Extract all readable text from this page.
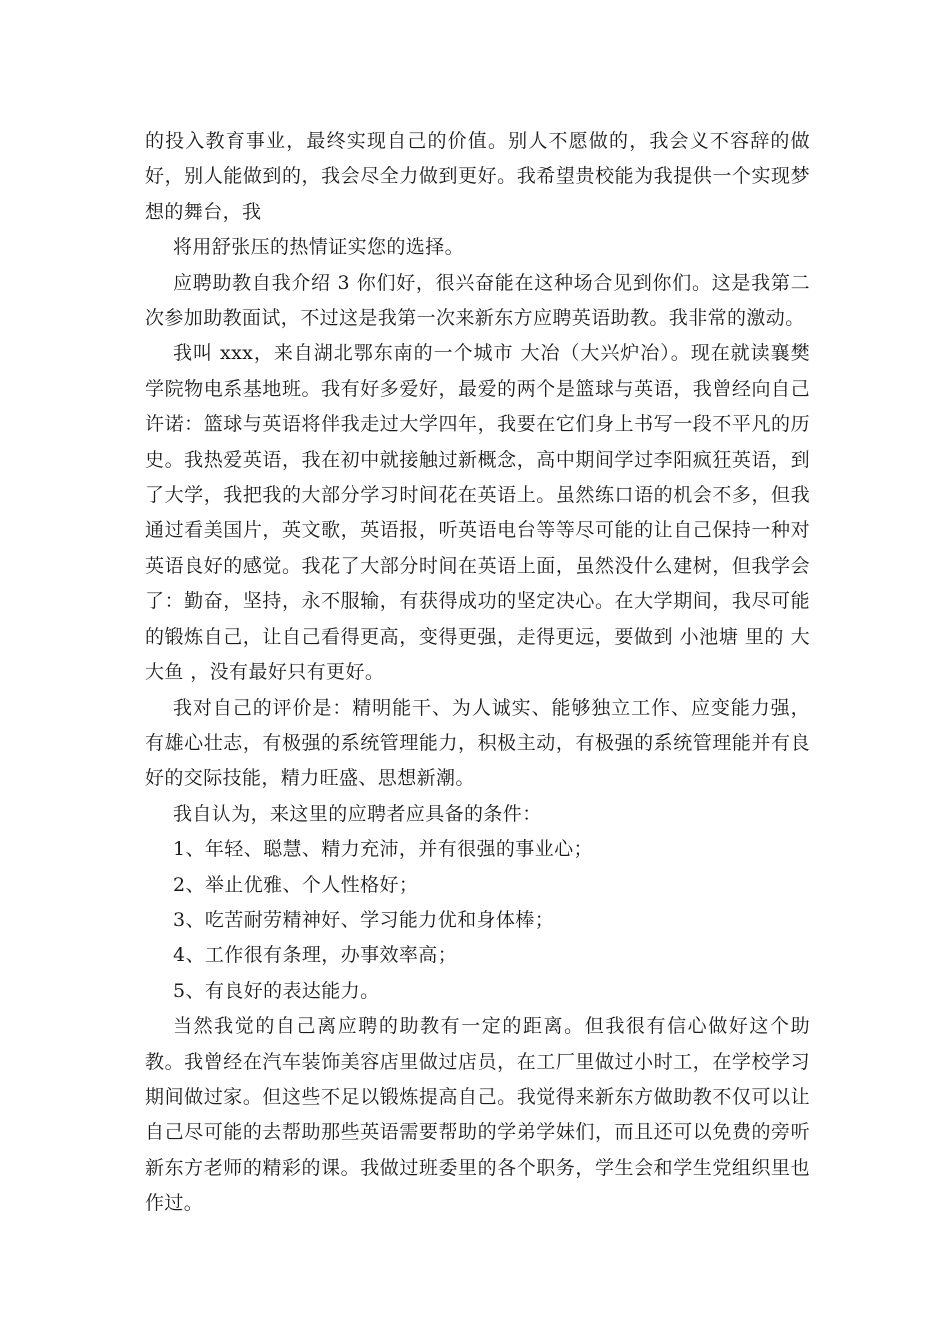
的投入教育事业，最终实现自己的价值。别人不愿做的，我会义不容辞的做好，别人能做到的，我会尽全力做到更好。我希望贵校能为我提供一个实现梦想的舞台，我

将用舒张压的热情证实您的选择。

应聘助教自我介绍 3 你们好，很兴奋能在这种场合见到你们。这是我第二次参加助教面试，不过这是我第一次来新东方应聘英语助教。我非常的激动。

我叫 xxx，来自湖北鄂东南的一个城市 大冶（大兴炉冶）。现在就读襄樊学院物电系基地班。我有好多爱好，最爱的两个是篮球与英语，我曾经向自己许诺：篮球与英语将伴我走过大学四年，我要在它们身上书写一段不平凡的历史。我热爱英语，我在初中就接触过新概念，高中期间学过李阳疯狂英语，到了大学，我把我的大部分学习时间花在英语上。虽然练口语的机会不多，但我通过看美国片，英文歌，英语报，听英语电台等等尽可能的让自己保持一种对英语良好的感觉。我花了大部分时间在英语上面，虽然没什么建树，但我学会了：勤奋，坚持，永不服输，有获得成功的坚定决心。在大学期间，我尽可能的锻炼自己，让自己看得更高，变得更强，走得更远，要做到 小池塘 里的 大大鱼 ，没有最好只有更好。

我对自己的评价是：精明能干、为人诚实、能够独立工作、应变能力强，有雄心壮志，有极强的系统管理能力，积极主动，有极强的系统管理能并有良好的交际技能，精力旺盛、思想新潮。

我自认为，来这里的应聘者应具备的条件：

1、年轻、聪慧、精力充沛，并有很强的事业心；

2、举止优雅、个人性格好；

3、吃苦耐劳精神好、学习能力优和身体棒；

4、工作很有条理，办事效率高；

5、有良好的表达能力。

当然我觉的自己离应聘的助教有一定的距离。但我很有信心做好这个助教。我曾经在汽车装饰美容店里做过店员，在工厂里做过小时工，在学校学习期间做过家。但这些不足以锻炼提高自己。我觉得来新东方做助教不仅可以让自己尽可能的去帮助那些英语需要帮助的学弟学妹们，而且还可以免费的旁听新东方老师的精彩的课。我做过班委里的各个职务，学生会和学生党组织里也作过。
